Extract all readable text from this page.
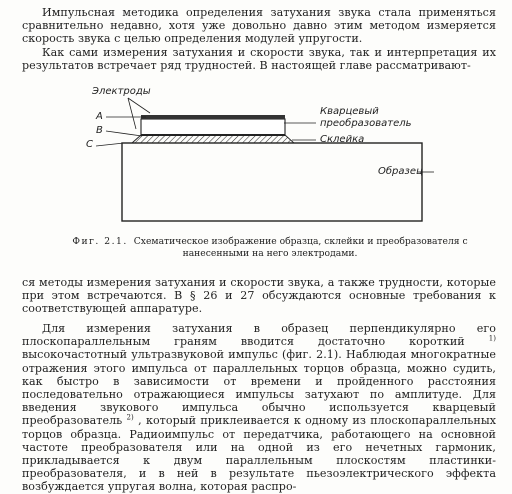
Импульсная методика определения затухания звука стала применяться сравнительно недавно, хотя уже довольно давно этим методом измеряется скорость звука с целью определения модулей упругости.

Как сами измерения затухания и скорости звука, так и интерпретация их результатов встречает ряд трудностей. В настоящей главе рассматривают-

Электроды
A
B
C
Кварцевый
преобразователь
Склейка
Образец
Фиг. 2.1. Схематическое изображение образца, склейки и преобразователя с нанесенными на него электродами.

ся методы измерения затухания и скорости звука, а также трудности, которые при этом встречаются. В § 26 и 27 обсуждаются основные требования к соответствующей аппаратуре.

Для измерения затухания в образец перпендикулярно его плоскопараллельным граням вводится достаточно короткий	$^{1)}$ высокочастотный ультразвуковой импульс (фиг. 2.1). Наблюдая многократные отражения этого импульса от параллельных торцов образца, можно судить, как быстро в зависимости от времени и пройденного расстояния последовательно отражающиеся импульсы затухают по амплитуде. Для введения звукового импульса обычно используется кварцевый преобразователь $^{2)}$ , который приклеивается к одному из плоскопараллельных торцов образца. Радиоимпульс от передатчика, работающего на основной частоте преобразователя или на одной из его нечетных гармоник, прикладывается к двум параллельным плоскостям пластинки-преобразователя, и в ней в результате пьезоэлектрического эффекта возбуждается упругая волна, которая распро-
